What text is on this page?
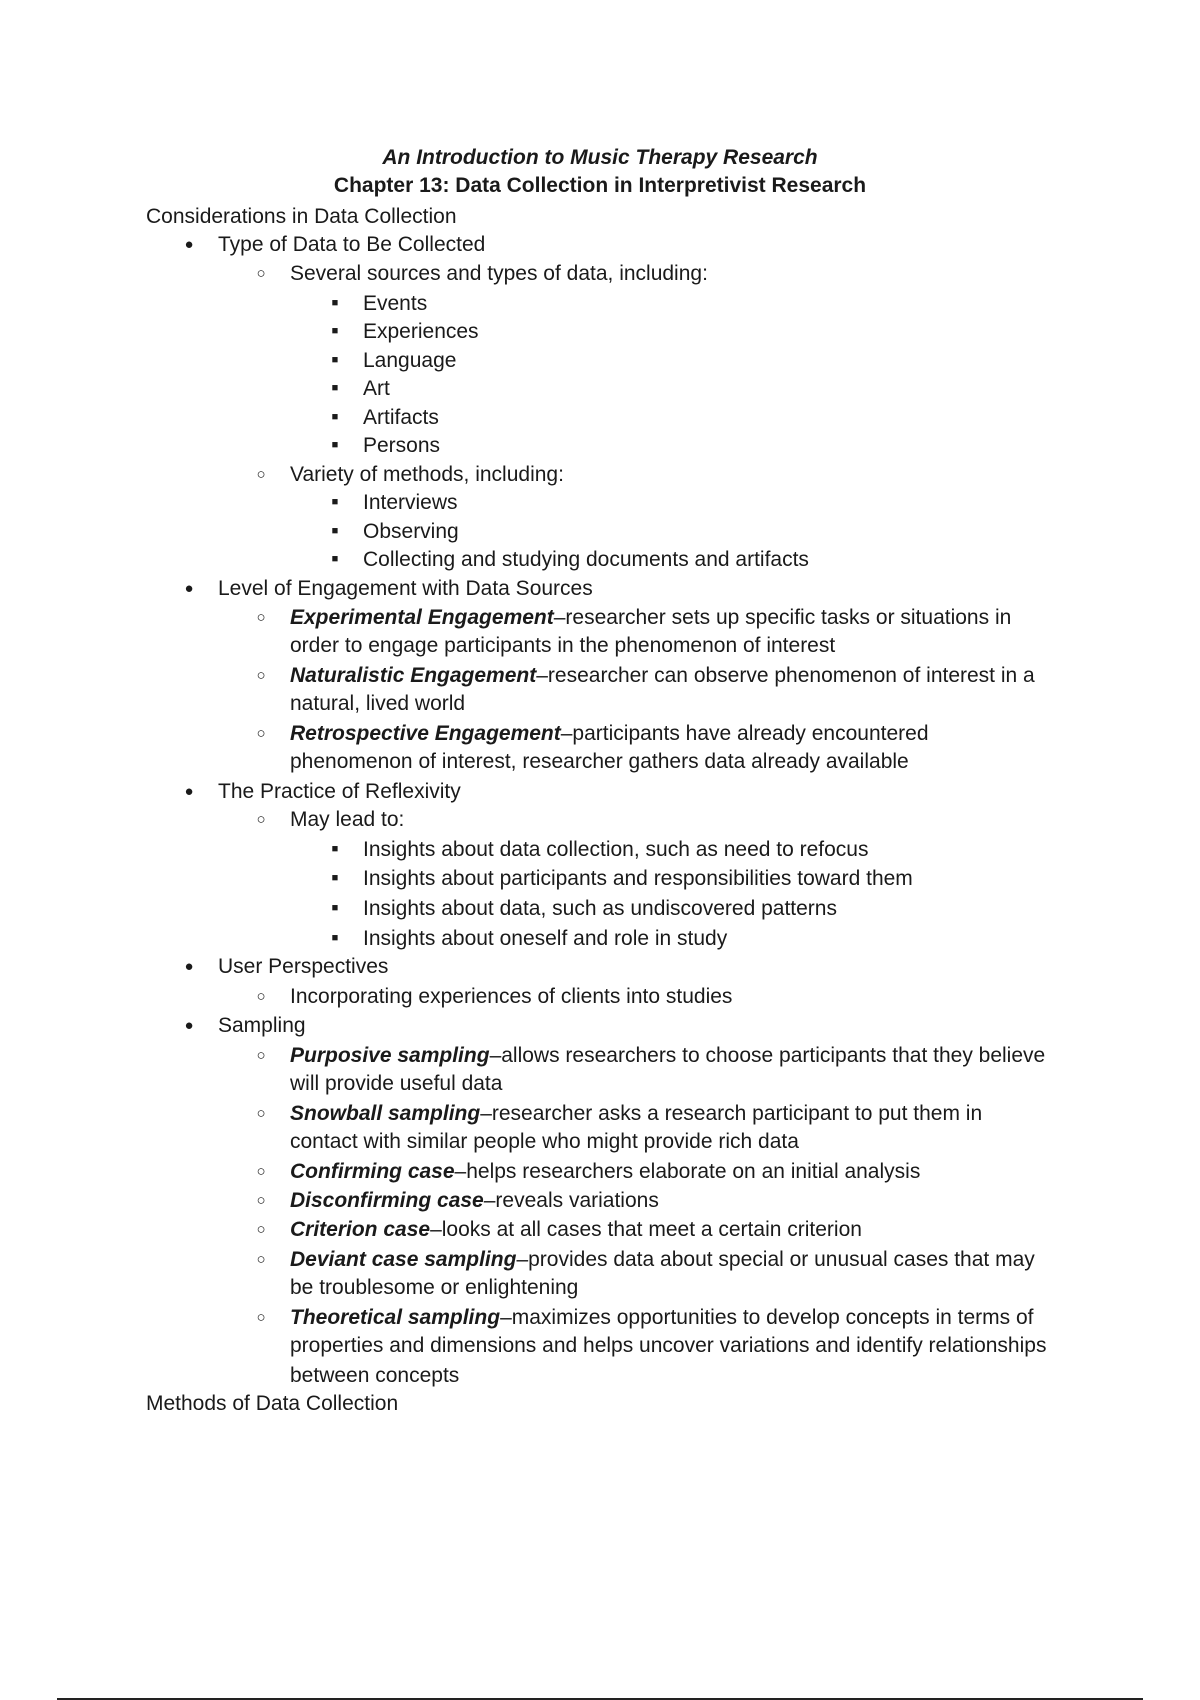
An Introduction to Music Therapy Research
Chapter 13: Data Collection in Interpretivist Research
Considerations in Data Collection
●	Type of Data to Be Collected
○	Several sources and types of data, including:
■	Events
■	Experiences
■	Language
■	Art
■	Artifacts
■	Persons
○	Variety of methods, including:
■	Interviews
■	Observing
■	Collecting and studying documents and artifacts
●	Level of Engagement with Data Sources
○	Experimental Engagement–researcher sets up specific tasks or situations in
order to engage participants in the phenomenon of interest
○	Naturalistic Engagement–researcher can observe phenomenon of interest in a
natural, lived world
○	Retrospective Engagement–participants have already encountered
phenomenon of interest, researcher gathers data already available
●	The Practice of Reflexivity
○	May lead to:
■	Insights about data collection, such as need to refocus
■	Insights about participants and responsibilities toward them
■	Insights about data, such as undiscovered patterns
■	Insights about oneself and role in study
●	User Perspectives
○	Incorporating experiences of clients into studies
●	Sampling
○	Purposive sampling–allows researchers to choose participants that they believe
will provide useful data
○	Snowball sampling–researcher asks a research participant to put them in
contact with similar people who might provide rich data
○	Confirming case–helps researchers elaborate on an initial analysis
○	Disconfirming case–reveals variations
○	Criterion case–looks at all cases that meet a certain criterion
○	Deviant case sampling–provides data about special or unusual cases that may
be troublesome or enlightening
○	Theoretical sampling–maximizes opportunities to develop concepts in terms of
properties and dimensions and helps uncover variations and identify relationships
between concepts
Methods of Data Collection
